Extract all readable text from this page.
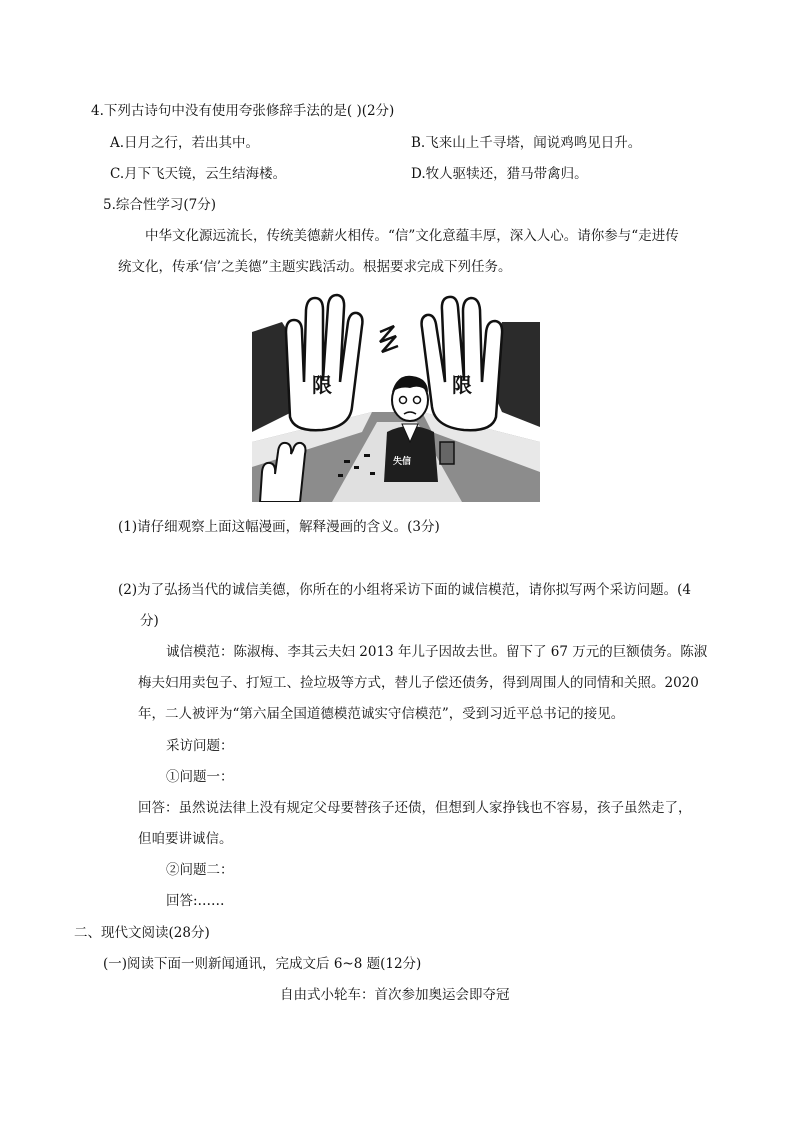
4.下列古诗句中没有使用夸张修辞手法的是( )(2分)
A.日月之行，若出其中。	B.飞来山上千寻塔，闻说鸡鸣见日升。
C.月下飞天镜，云生结海楼。	D.牧人驱犊还，猎马带禽归。
5.综合性学习(7分)
中华文化源远流长，传统美德薪火相传。“信”文化意蕴丰厚，深入人心。请你参与“走进传
统文化，传承‘信’之美德”主题实践活动。根据要求完成下列任务。
限	限
失信
(1)请仔细观察上面这幅漫画，解释漫画的含义。(3分)
(2)为了弘扬当代的诚信美德，你所在的小组将采访下面的诚信模范，请你拟写两个采访问题。(4
分)
诚信模范：陈淑梅、李其云夫妇 2013 年儿子因故去世。留下了 67 万元的巨额债务。陈淑
梅夫妇用卖包子、打短工、捡垃圾等方式，替儿子偿还债务，得到周围人的同情和关照。2020
年，二人被评为“第六届全国道德模范诚实守信模范”，受到习近平总书记的接见。
采访问题：
①问题一：
回答：虽然说法律上没有规定父母要替孩子还债，但想到人家挣钱也不容易，孩子虽然走了，
但咱要讲诚信。
②问题二：
回答:……
二、现代文阅读(28分)
(一)阅读下面一则新闻通讯，完成文后 6~8 题(12分)
自由式小轮车：首次参加奥运会即夺冠
